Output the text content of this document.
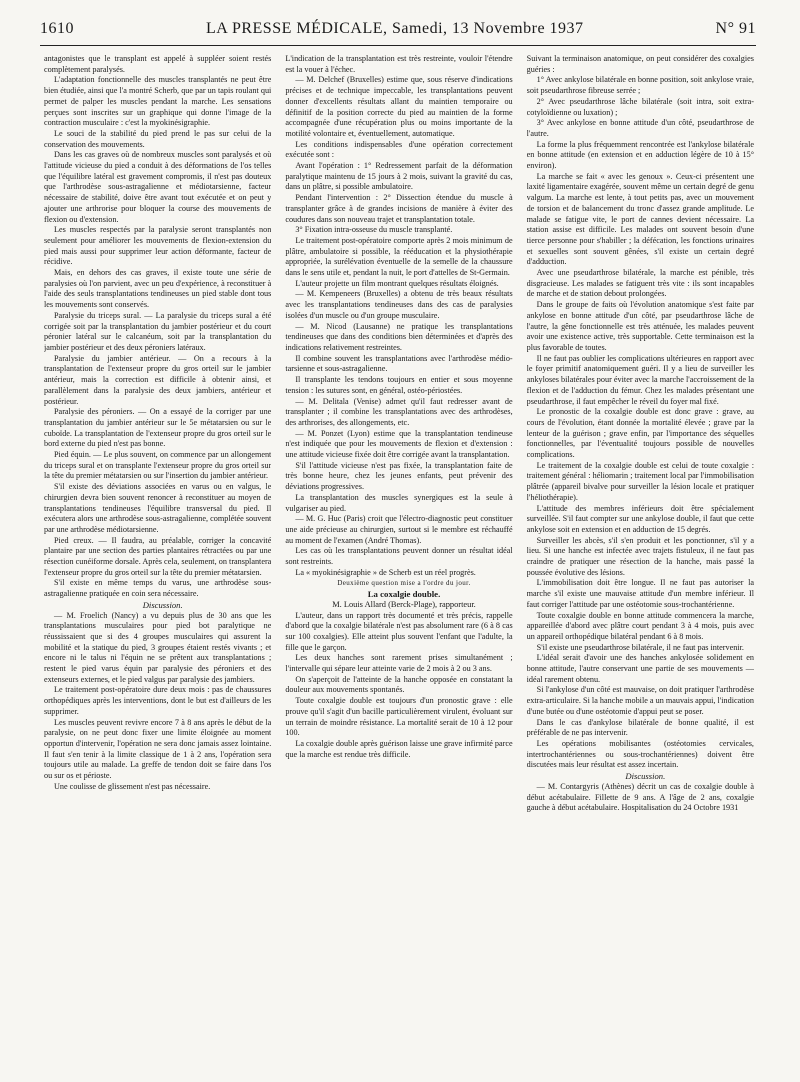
1610	LA PRESSE MÉDICALE, Samedi, 13 Novembre 1937	N° 91

antagonistes que le transplant est appelé à suppléer soient restés complètement paralysés.

L'adaptation fonctionnelle des muscles transplantés ne peut être bien étudiée, ainsi que l'a montré Scherb, que par un tapis roulant qui permet de palper les muscles pendant la marche. Les sensations perçues sont inscrites sur un graphique qui donne l'image de la contraction musculaire : c'est la myokinésigraphie.

Le souci de la stabilité du pied prend le pas sur celui de la conservation des mouvements.

Dans les cas graves où de nombreux muscles sont paralysés et où l'attitude vicieuse du pied a conduit à des déformations de l'os telles que l'équilibre latéral est gravement compromis, il n'est pas douteux que l'arthrodèse sous-astragalienne et médiotarsienne, facteur nécessaire de stabilité, doive être avant tout exécutée et on peut y ajouter une arthrorise pour bloquer la course des mouvements de flexion ou d'extension.

Les muscles respectés par la paralysie seront transplantés non seulement pour améliorer les mouvements de flexion-extension du pied mais aussi pour supprimer leur action déformante, facteur de récidive.

Mais, en dehors des cas graves, il existe toute une série de paralysies où l'on parvient, avec un peu d'expérience, à reconstituer à l'aide des seuls transplantations tendineuses un pied stable dont tous les mouvements sont conservés.

Paralysie du triceps sural. — La paralysie du triceps sural a été corrigée soit par la transplantation du jambier postérieur et du court péronier latéral sur le calcanéum, soit par la transplantation du jambier postérieur et des deux péroniers latéraux.

Paralysie du jambier antérieur. — On a recours à la transplantation de l'extenseur propre du gros orteil sur le jambier antérieur, mais la correction est difficile à obtenir ainsi, et parallèlement dans la paralysie des deux jambiers, antérieur et postérieur.

Paralysie des péroniers. — On a essayé de la corriger par une transplantation du jambier antérieur sur le 5e métatarsien ou sur le cuboïde. La transplantation de l'extenseur propre du gros orteil sur le bord externe du pied n'est pas bonne.

Pied équin. — Le plus souvent, on commence par un allongement du triceps sural et on transplante l'extenseur propre du gros orteil sur la tête du premier métatarsien ou sur l'insertion du jambier antérieur.

S'il existe des déviations associées en varus ou en valgus, le chirurgien devra bien souvent renoncer à reconstituer au moyen de transplantations tendineuses l'équilibre transversal du pied. Il exécutera alors une arthrodèse sous-astragalienne, complétée souvent par une arthrodèse médiotarsienne.

Pied creux. — Il faudra, au préalable, corriger la concavité plantaire par une section des parties plantaires rétractées ou par une résection cunéiforme dorsale. Après cela, seulement, on transplantera l'extenseur propre du gros orteil sur la tête du premier métatarsien.

S'il existe en même temps du varus, une arthrodèse sous-astragalienne pratiquée en coin sera nécessaire.

Discussion.

— M. Froelich (Nancy) a vu depuis plus de 30 ans que les transplantations musculaires pour pied bot paralytique ne réussissaient que si des 4 groupes musculaires qui assurent la mobilité et la statique du pied, 3 groupes étaient restés vivants ; et encore ni le talus ni l'équin ne se prêtent aux transplantations ; restent le pied varus équin par paralysie des péroniers et des extenseurs externes, et le pied valgus par paralysie des jambiers.

Le traitement post-opératoire dure deux mois : pas de chaussures orthopédiques après les interventions, dont le but est d'ailleurs de les supprimer.

Les muscles peuvent revivre encore 7 à 8 ans après le début de la paralysie, on ne peut donc fixer une limite éloignée au moment opportun d'intervenir, l'opération ne sera donc jamais assez lointaine. Il faut s'en tenir à la limite classique de 1 à 2 ans, l'opération sera toujours utile au malade. La greffe de tendon doit se faire dans l'os ou sur os et périoste.

Une coulisse de glissement n'est pas nécessaire.

L'indication de la transplantation est très restreinte, vouloir l'étendre est la vouer à l'échec.

— M. Delchef (Bruxelles) estime que, sous réserve d'indications précises et de technique impeccable, les transplantations peuvent donner d'excellents résultats allant du maintien temporaire ou définitif de la position correcte du pied au maintien de la forme accompagnée d'une récupération plus ou moins importante de la motilité volontaire et, éventuellement, automatique.

Les conditions indispensables d'une opération correctement exécutée sont :

Avant l'opération : 1° Redressement parfait de la déformation paralytique maintenu de 15 jours à 2 mois, suivant la gravité du cas, dans un plâtre, si possible ambulatoire.

Pendant l'intervention : 2° Dissection étendue du muscle à transplanter grâce à de grandes incisions de manière à éviter des coudures dans son nouveau trajet et transplantation totale.

3° Fixation intra-osseuse du muscle transplanté.

Le traitement post-opératoire comporte après 2 mois minimum de plâtre, ambulatoire si possible, la rééducation et la physiothérapie appropriée, la surélévation éventuelle de la semelle de la chaussure dans le sens utile et, pendant la nuit, le port d'attelles de St-Germain.

L'auteur projette un film montrant quelques résultats éloignés.

— M. Kempeneers (Bruxelles) a obtenu de très beaux résultats avec les transplantations tendineuses dans des cas de paralysies isolées d'un muscle ou d'un groupe musculaire.

— M. Nicod (Lausanne) ne pratique les transplantations tendineuses que dans des conditions bien déterminées et d'après des indications relativement restreintes.

Il combine souvent les transplantations avec l'arthrodèse médio-tarsienne et sous-astragalienne.

Il transplante les tendons toujours en entier et sous moyenne tension : les sutures sont, en général, ostéo-périostées.

— M. Delitala (Venise) admet qu'il faut redresser avant de transplanter ; il combine les transplantations avec des arthrodèses, des arthrorises, des allongements, etc.

— M. Ponzet (Lyon) estime que la transplantation tendineuse n'est indiquée que pour les mouvements de flexion et d'extension : une attitude vicieuse fixée doit être corrigée avant la transplantation.

S'il l'attitude vicieuse n'est pas fixée, la transplantation faite de très bonne heure, chez les jeunes enfants, peut prévenir des déviations progressives.

La transplantation des muscles synergiques est la seule à vulgariser au pied.

— M. G. Huc (Paris) croit que l'électro-diagnostic peut constituer une aide précieuse au chirurgien, surtout si le membre est réchauffé au moment de l'examen (André Thomas).

Les cas où les transplantations peuvent donner un résultat idéal sont restreints.

La « myokinésigraphie » de Scherb est un réel progrès.

Deuxième question mise a l'ordre du jour.

La coxalgie double.

M. Louis Allard (Berck-Plage), rapporteur.

L'auteur, dans un rapport très documenté et très précis, rappelle d'abord que la coxalgie bilatérale n'est pas absolument rare (6 à 8 cas sur 100 coxalgies). Elle atteint plus souvent l'enfant que l'adulte, la fille que le garçon.

Les deux hanches sont rarement prises simultanément ; l'intervalle qui sépare leur atteinte varie de 2 mois à 2 ou 3 ans.

On s'aperçoit de l'atteinte de la hanche opposée en constatant la douleur aux mouvements spontanés.

Toute coxalgie double est toujours d'un pronostic grave : elle prouve qu'il s'agit d'un bacille particulièrement virulent, évoluant sur un terrain de moindre résistance. La mortalité serait de 10 à 12 pour 100.

La coxalgie double après guérison laisse une grave infirmité parce que la marche est rendue très difficile.

Suivant la terminaison anatomique, on peut considérer des coxalgies guéries :

1° Avec ankylose bilatérale en bonne position, soit ankylose vraie, soit pseudarthrose fibreuse serrée ;

2° Avec pseudarthrose lâche bilatérale (soit intra, soit extra-cotyloïdienne ou luxation) ;

3° Avec ankylose en bonne attitude d'un côté, pseudarthrose de l'autre.

La forme la plus fréquemment rencontrée est l'ankylose bilatérale en bonne attitude (en extension et en adduction légère de 10 à 15° environ).

La marche se fait « avec les genoux ». Ceux-ci présentent une laxité ligamentaire exagérée, souvent même un certain degré de genu valgum. La marche est lente, à tout petits pas, avec un mouvement de torsion et de balancement du tronc d'assez grande amplitude. Le malade se fatigue vite, le port de cannes devient nécessaire. La station assise est difficile. Les malades ont souvent besoin d'une tierce personne pour s'habiller ; la défécation, les fonctions urinaires et sexuelles sont souvent gênées, s'il existe un certain degré d'adduction.

Avec une pseudarthrose bilatérale, la marche est pénible, très disgracieuse. Les malades se fatiguent très vite : ils sont incapables de marche et de station debout prolongées.

Dans le groupe de faits où l'évolution anatomique s'est faite par ankylose en bonne attitude d'un côté, par pseudarthrose lâche de l'autre, la gêne fonctionnelle est très atténuée, les malades peuvent avoir une existence active, très supportable. Cette terminaison est la plus favorable de toutes.

Il ne faut pas oublier les complications ultérieures en rapport avec le foyer primitif anatomiquement guéri. Il y a lieu de surveiller les ankyloses bilatérales pour éviter avec la marche l'accroissement de la flexion et de l'adduction du fémur. Chez les malades présentant une pseudarthrose, il faut empêcher le réveil du foyer mal fixé.

Le pronostic de la coxalgie double est donc grave : grave, au cours de l'évolution, étant donnée la mortalité élevée ; grave par la lenteur de la guérison ; grave enfin, par l'importance des séquelles fonctionnelles, par l'éventualité toujours possible de nouvelles complications.

Le traitement de la coxalgie double est celui de toute coxalgie : traitement général : héliomarin ; traitement local par l'immobilisation plâtrée (appareil bivalve pour surveiller la lésion locale et pratiquer l'héliothérapie).

L'attitude des membres inférieurs doit être spécialement surveillée. S'il faut compter sur une ankylose double, il faut que cette ankylose soit en extension et en adduction de 15 degrés.

Surveiller les abcès, s'il s'en produit et les ponctionner, s'il y a lieu. Si une hanche est infectée avec trajets fistuleux, il ne faut pas craindre de pratiquer une résection de la hanche, mais passé la poussée évolutive des lésions.

L'immobilisation doit être longue. Il ne faut pas autoriser la marche s'il existe une mauvaise attitude d'un membre inférieur. Il faut corriger l'attitude par une ostéotomie sous-trochantérienne.

Toute coxalgie double en bonne attitude commencera la marche, appareillée d'abord avec plâtre court pendant 3 à 4 mois, puis avec un appareil orthopédique bilatéral pendant 6 à 8 mois.

S'il existe une pseudarthrose bilatérale, il ne faut pas intervenir.

L'idéal serait d'avoir une des hanches ankylosée solidement en bonne attitude, l'autre conservant une partie de ses mouvements — idéal rarement obtenu.

Si l'ankylose d'un côté est mauvaise, on doit pratiquer l'arthrodèse extra-articulaire. Si la hanche mobile a un mauvais appui, l'indication d'une butée ou d'une ostéotomie d'appui peut se poser.

Dans le cas d'ankylose bilatérale de bonne qualité, il est préférable de ne pas intervenir.

Les opérations mobilisantes (ostéotomies cervicales, intertrochantériennes ou sous-trochantériennes) doivent être discutées mais leur résultat est assez incertain.

Discussion.

— M. Contargyris (Athènes) décrit un cas de coxalgie double à début acétabulaire. Fillette de 9 ans. A l'âge de 2 ans, coxalgie gauche à début acétabulaire. Hospitalisation du 24 Octobre 1931
